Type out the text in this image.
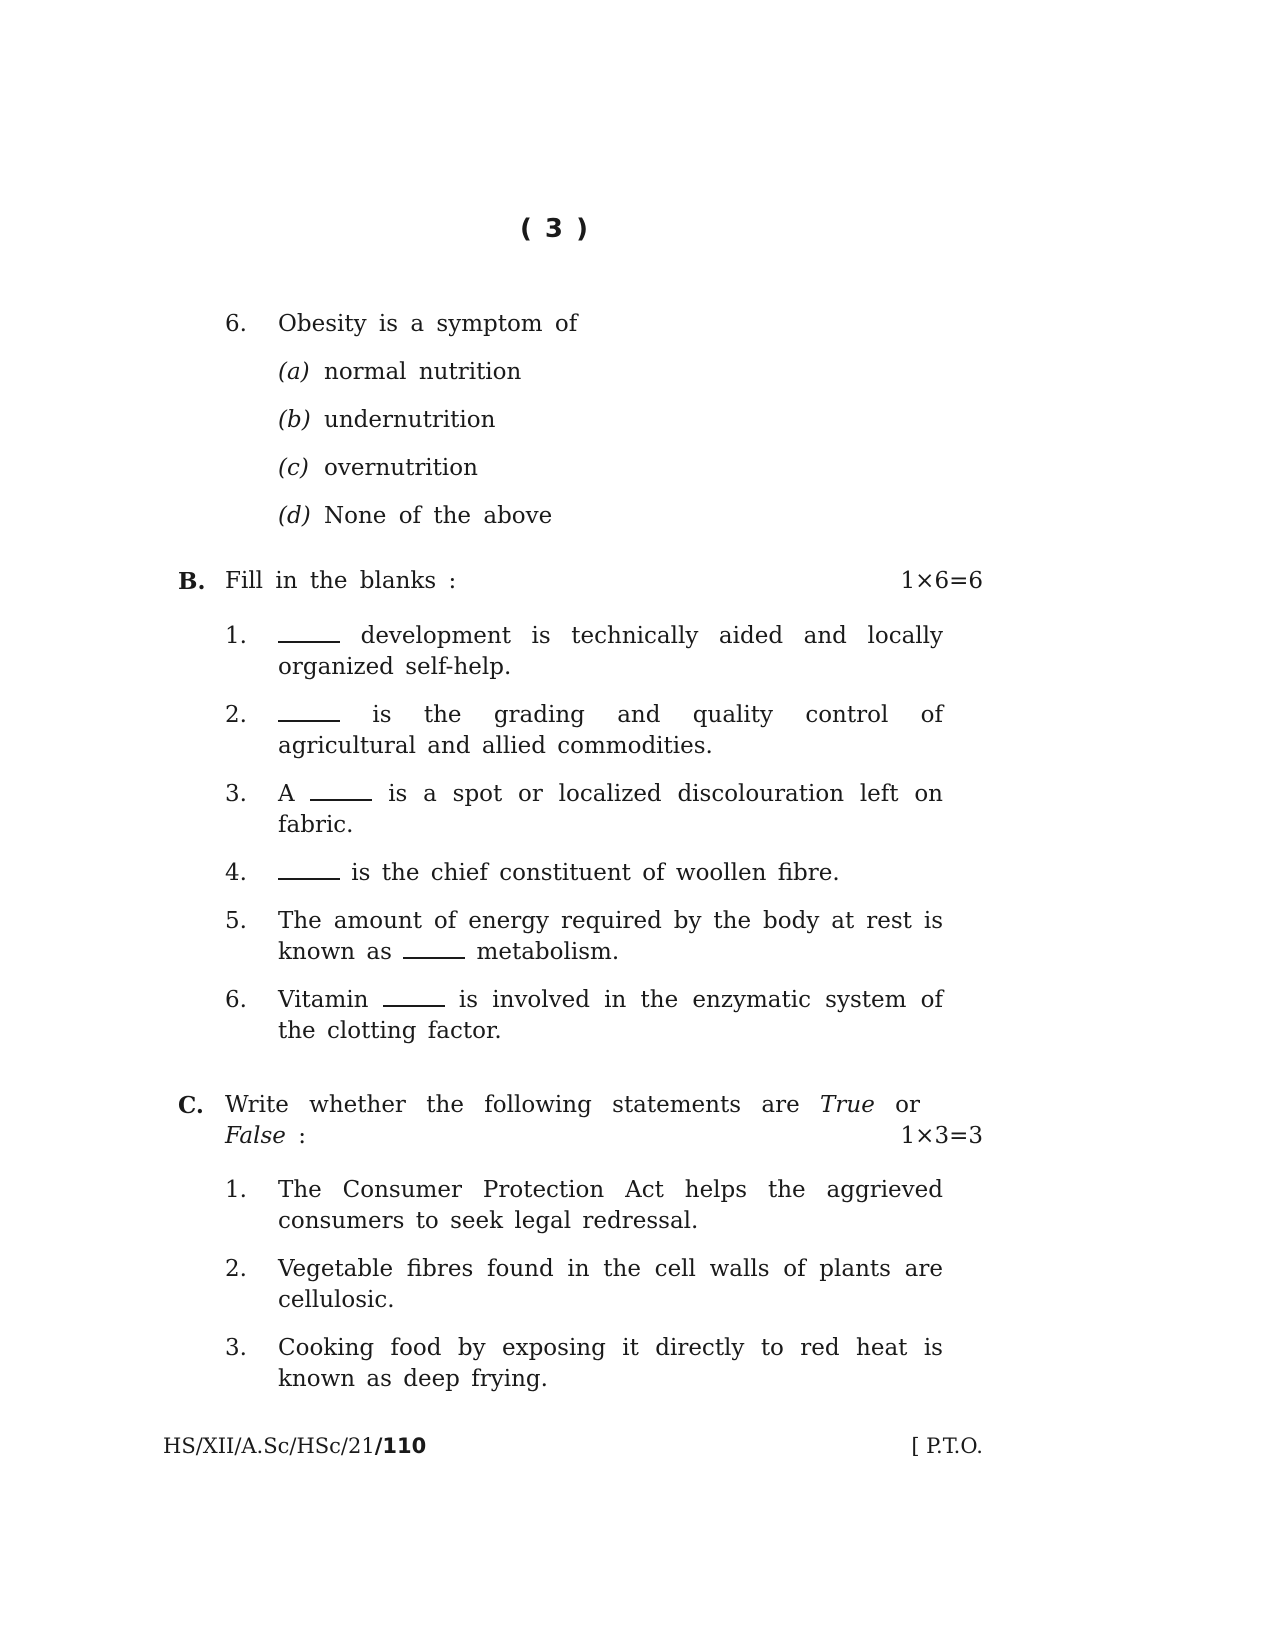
( 3 )
6.	Obesity is a symptom of
(a) normal nutrition
(b) undernutrition
(c) overnutrition
(d) None of the above
B. Fill in the blanks :	1×6=6
1.	development is technically aided and locally organized self-help.
2.	is the grading and quality control of agricultural and allied commodities.
3.	A	is a spot or localized discolouration left on fabric.
4.	is the chief constituent of woollen fibre.
5.	The amount of energy required by the body at rest is known as	metabolism.
6.	Vitamin	is involved in the enzymatic system of the clotting factor.
C. Write whether the following statements are True or
False :	1×3=3
1.	The Consumer Protection Act helps the aggrieved consumers to seek legal redressal.
2.	Vegetable fibres found in the cell walls of plants are cellulosic.
3.	Cooking food by exposing it directly to red heat is known as deep frying.
HS/XII/A.Sc/HSc/21/110	[ P.T.O.
